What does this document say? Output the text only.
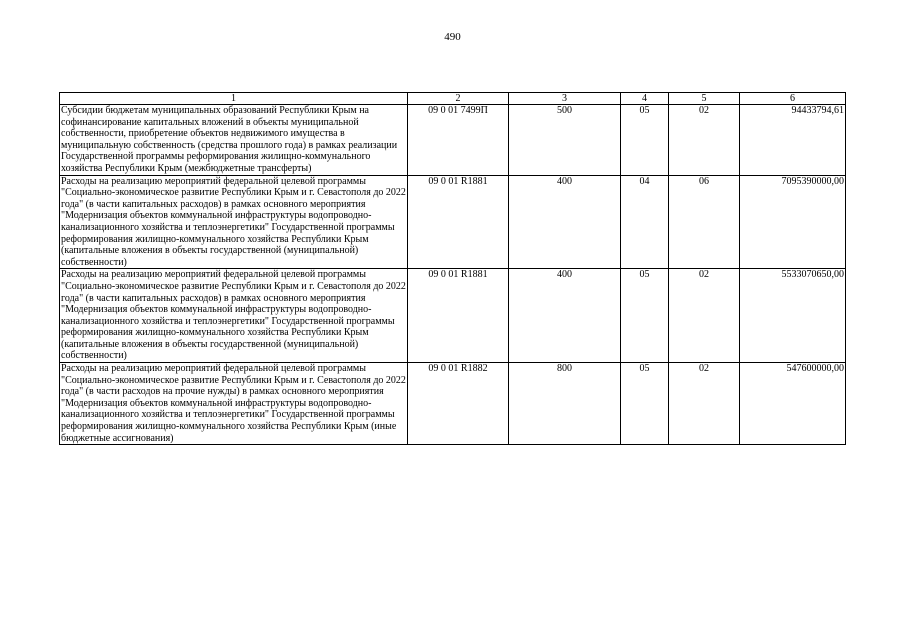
490
1	2	3	4	5	6
Субсидии бюджетам муниципальных образований Республики Крым на софинансирование капитальных вложений в объекты муниципальной собственности, приобретение объектов недвижимого имущества в муниципальную собственность (средства прошлого года) в рамках реализации Государственной программы реформирования жилищно-коммунального хозяйства Республики Крым (межбюджетные трансферты)	09 0 01 7499П	500	05	02	94433794,61
Расходы на реализацию мероприятий федеральной целевой программы "Социально-экономическое развитие Республики Крым и г. Севастополя до 2022 года" (в части капитальных расходов) в рамках основного мероприятия "Модернизация объектов коммунальной инфраструктуры водопроводно-канализационного хозяйства и теплоэнергетики" Государственной программы реформирования жилищно-коммунального хозяйства Республики Крым (капитальные вложения в объекты государственной (муниципальной) собственности)	09 0 01 R1881	400	04	06	7095390000,00
Расходы на реализацию мероприятий федеральной целевой программы "Социально-экономическое развитие Республики Крым и г. Севастополя до 2022 года" (в части капитальных расходов) в рамках основного мероприятия "Модернизация объектов коммунальной инфраструктуры водопроводно-канализационного хозяйства и теплоэнергетики" Государственной программы реформирования жилищно-коммунального хозяйства Республики Крым (капитальные вложения в объекты государственной (муниципальной) собственности)	09 0 01 R1881	400	05	02	5533070650,00
Расходы на реализацию мероприятий федеральной целевой программы "Социально-экономическое развитие Республики Крым и г. Севастополя до 2022 года" (в части расходов на прочие нужды) в рамках основного мероприятия "Модернизация объектов коммунальной инфраструктуры водопроводно-канализационного хозяйства и теплоэнергетики" Государственной программы реформирования жилищно-коммунального хозяйства Республики Крым (иные бюджетные ассигнования)	09 0 01 R1882	800	05	02	547600000,00
